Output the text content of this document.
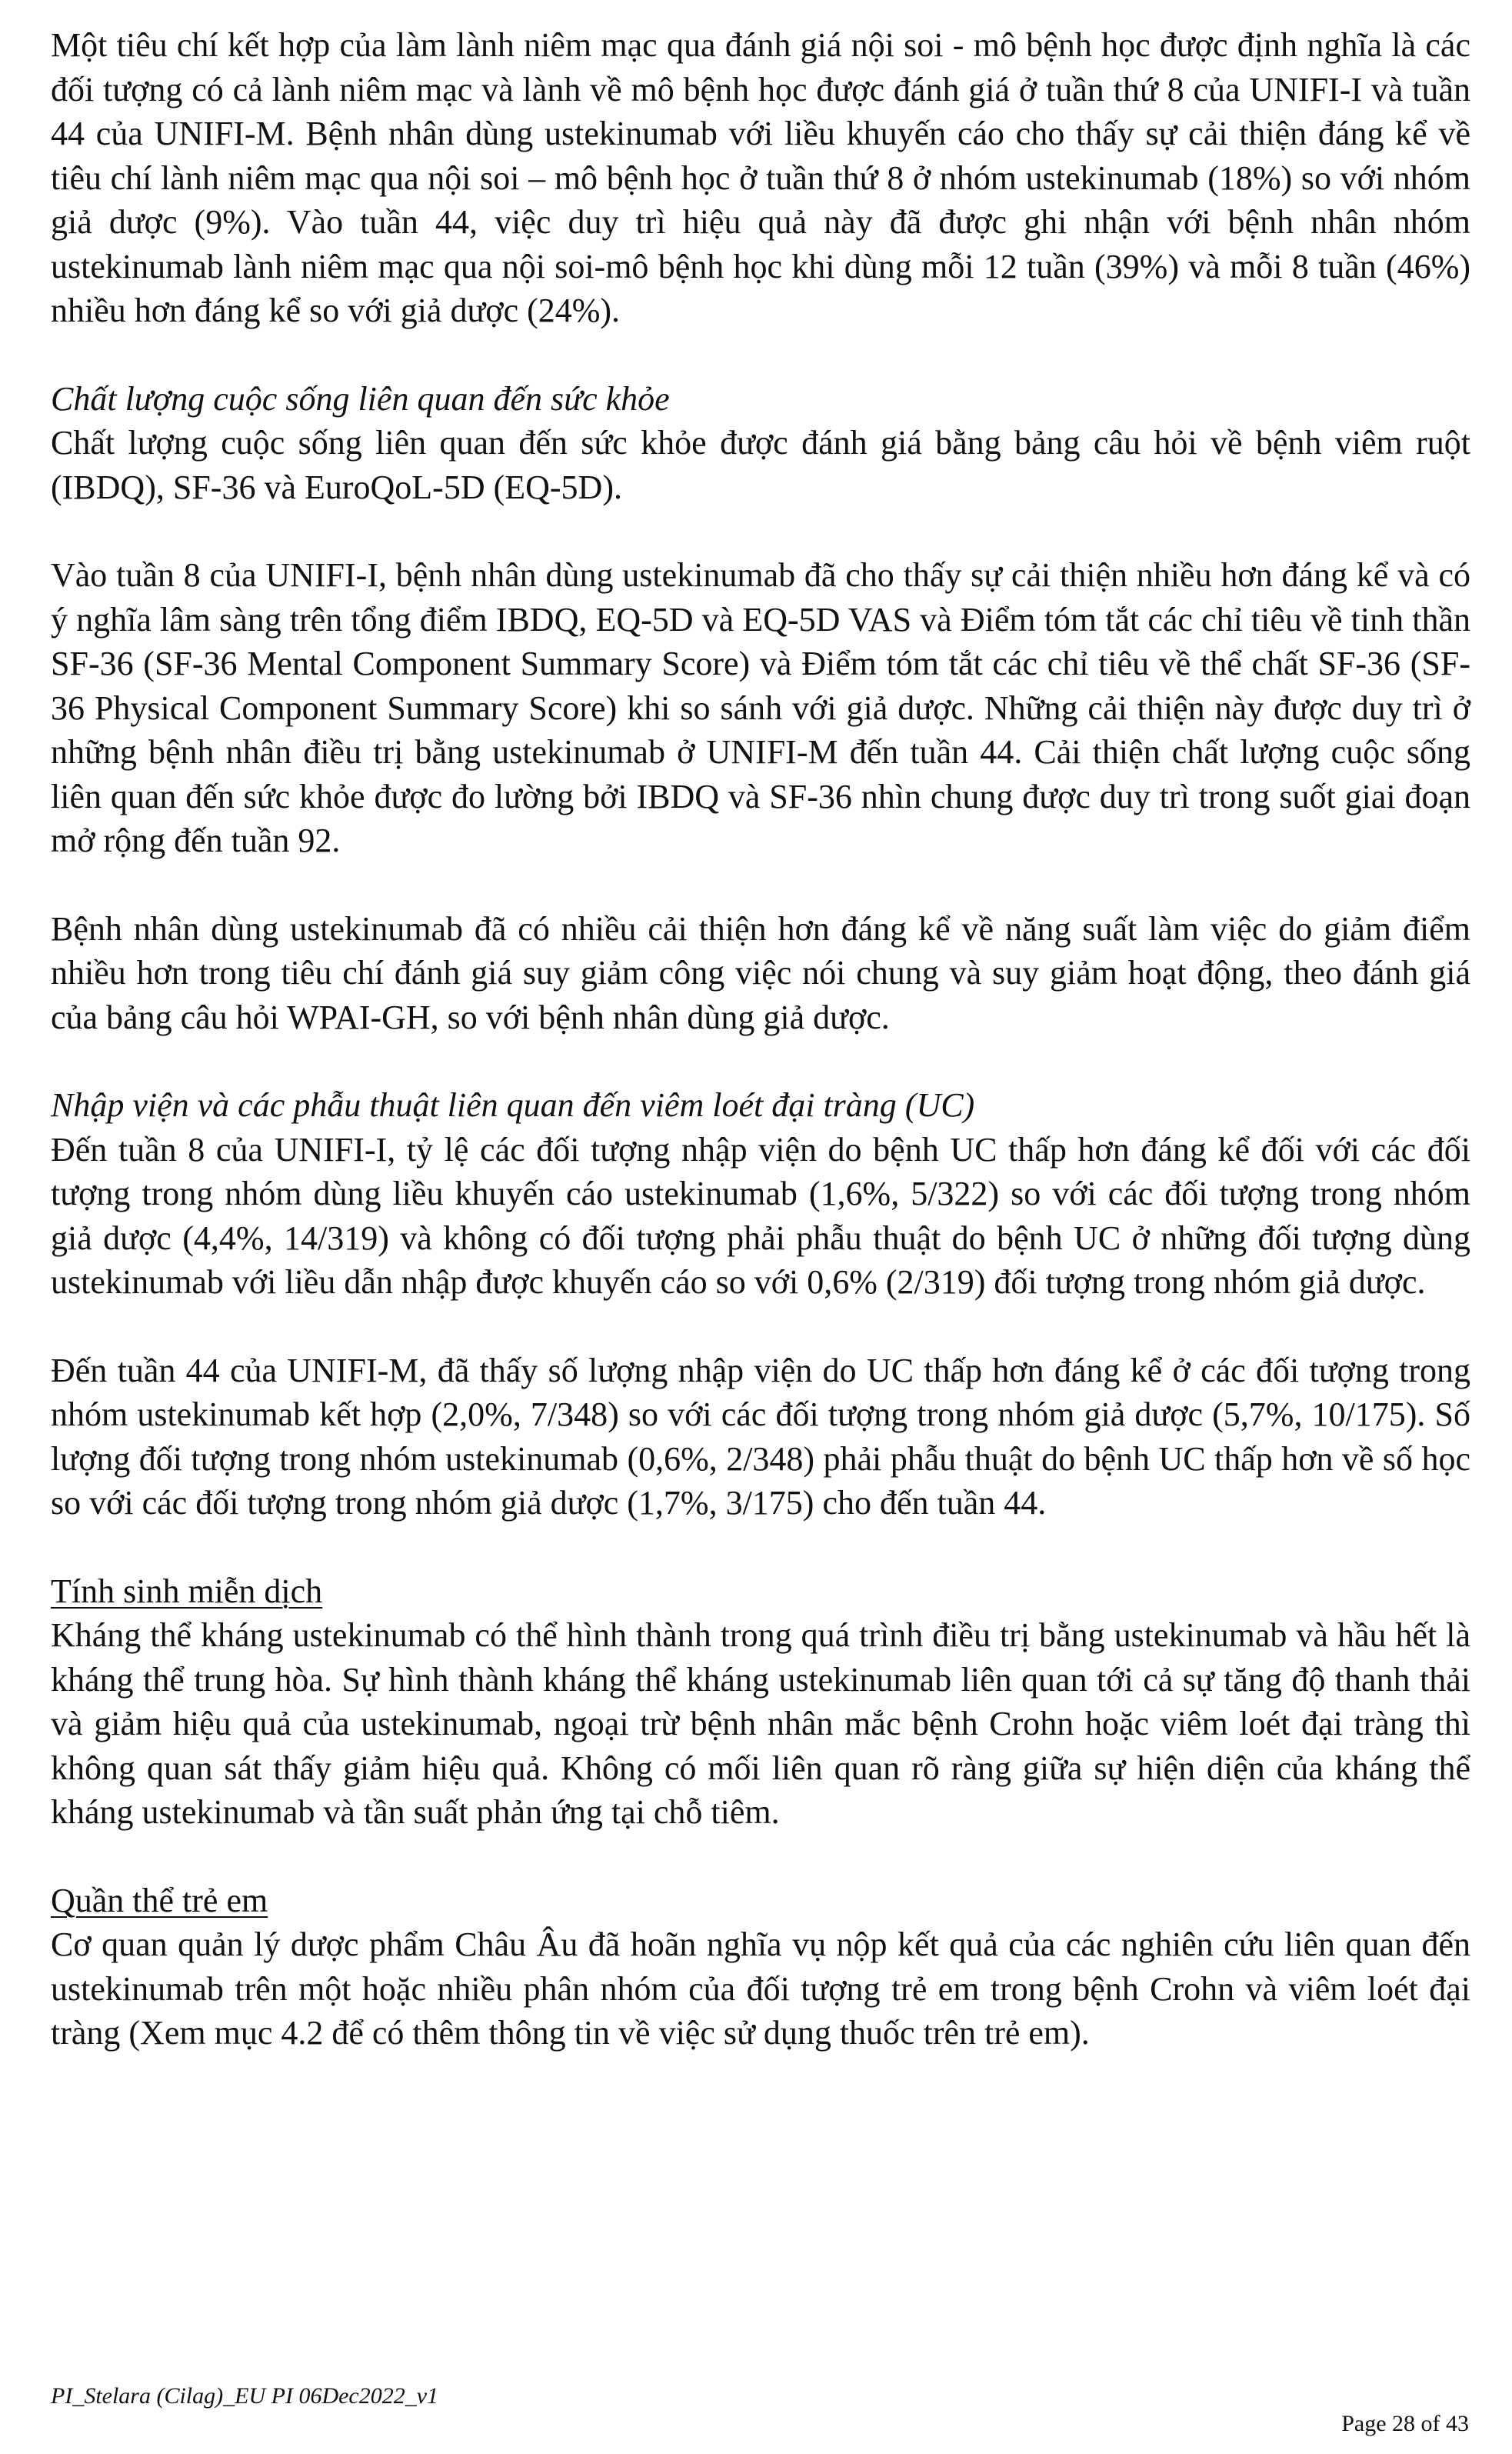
Một tiêu chí kết hợp của làm lành niêm mạc qua đánh giá nội soi - mô bệnh học được định nghĩa là các đối tượng có cả lành niêm mạc và lành về mô bệnh học được đánh giá ở tuần thứ 8 của UNIFI-I và tuần 44 của UNIFI-M. Bệnh nhân dùng ustekinumab với liều khuyến cáo cho thấy sự cải thiện đáng kể về tiêu chí lành niêm mạc qua nội soi – mô bệnh học ở tuần thứ 8 ở nhóm ustekinumab (18%) so với nhóm giả dược (9%). Vào tuần 44, việc duy trì hiệu quả này đã được ghi nhận với bệnh nhân nhóm ustekinumab lành niêm mạc qua nội soi-mô bệnh học khi dùng mỗi 12 tuần (39%) và mỗi 8 tuần (46%) nhiều hơn đáng kể so với giả dược (24%).

Chất lượng cuộc sống liên quan đến sức khỏe

Chất lượng cuộc sống liên quan đến sức khỏe được đánh giá bằng bảng câu hỏi về bệnh viêm ruột (IBDQ), SF-36 và EuroQoL-5D (EQ-5D).

Vào tuần 8 của UNIFI-I, bệnh nhân dùng ustekinumab đã cho thấy sự cải thiện nhiều hơn đáng kể và có ý nghĩa lâm sàng trên tổng điểm IBDQ, EQ-5D và EQ-5D VAS và Điểm tóm tắt các chỉ tiêu về tinh thần SF-36 (SF-36 Mental Component Summary Score) và Điểm tóm tắt các chỉ tiêu về thể chất SF-36 (SF-36 Physical Component Summary Score) khi so sánh với giả dược. Những cải thiện này được duy trì ở những bệnh nhân điều trị bằng ustekinumab ở UNIFI-M đến tuần 44. Cải thiện chất lượng cuộc sống liên quan đến sức khỏe được đo lường bởi IBDQ và SF-36 nhìn chung được duy trì trong suốt giai đoạn mở rộng đến tuần 92.

Bệnh nhân dùng ustekinumab đã có nhiều cải thiện hơn đáng kể về năng suất làm việc do giảm điểm nhiều hơn trong tiêu chí đánh giá suy giảm công việc nói chung và suy giảm hoạt động, theo đánh giá của bảng câu hỏi WPAI-GH, so với bệnh nhân dùng giả dược.

Nhập viện và các phẫu thuật liên quan đến viêm loét đại tràng (UC)

Đến tuần 8 của UNIFI-I, tỷ lệ các đối tượng nhập viện do bệnh UC thấp hơn đáng kể đối với các đối tượng trong nhóm dùng liều khuyến cáo ustekinumab (1,6%, 5/322) so với các đối tượng trong nhóm giả dược (4,4%, 14/319) và không có đối tượng phải phẫu thuật do bệnh UC ở những đối tượng dùng ustekinumab với liều dẫn nhập được khuyến cáo so với 0,6% (2/319) đối tượng trong nhóm giả dược.

Đến tuần 44 của UNIFI-M, đã thấy số lượng nhập viện do UC thấp hơn đáng kể ở các đối tượng trong nhóm ustekinumab kết hợp (2,0%, 7/348) so với các đối tượng trong nhóm giả dược (5,7%, 10/175). Số lượng đối tượng trong nhóm ustekinumab (0,6%, 2/348) phải phẫu thuật do bệnh UC thấp hơn về số học so với các đối tượng trong nhóm giả dược (1,7%, 3/175) cho đến tuần 44.

Tính sinh miễn dịch

Kháng thể kháng ustekinumab có thể hình thành trong quá trình điều trị bằng ustekinumab và hầu hết là kháng thể trung hòa. Sự hình thành kháng thể kháng ustekinumab liên quan tới cả sự tăng độ thanh thải và giảm hiệu quả của ustekinumab, ngoại trừ bệnh nhân mắc bệnh Crohn hoặc viêm loét đại tràng thì không quan sát thấy giảm hiệu quả. Không có mối liên quan rõ ràng giữa sự hiện diện của kháng thể kháng ustekinumab và tần suất phản ứng tại chỗ tiêm.

Quần thể trẻ em

Cơ quan quản lý dược phẩm Châu Âu đã hoãn nghĩa vụ nộp kết quả của các nghiên cứu liên quan đến ustekinumab trên một hoặc nhiều phân nhóm của đối tượng trẻ em trong bệnh Crohn và viêm loét đại tràng (Xem mục 4.2 để có thêm thông tin về việc sử dụng thuốc trên trẻ em).

PI_Stelara (Cilag)_EU PI 06Dec2022_v1
Page 28 of 43
